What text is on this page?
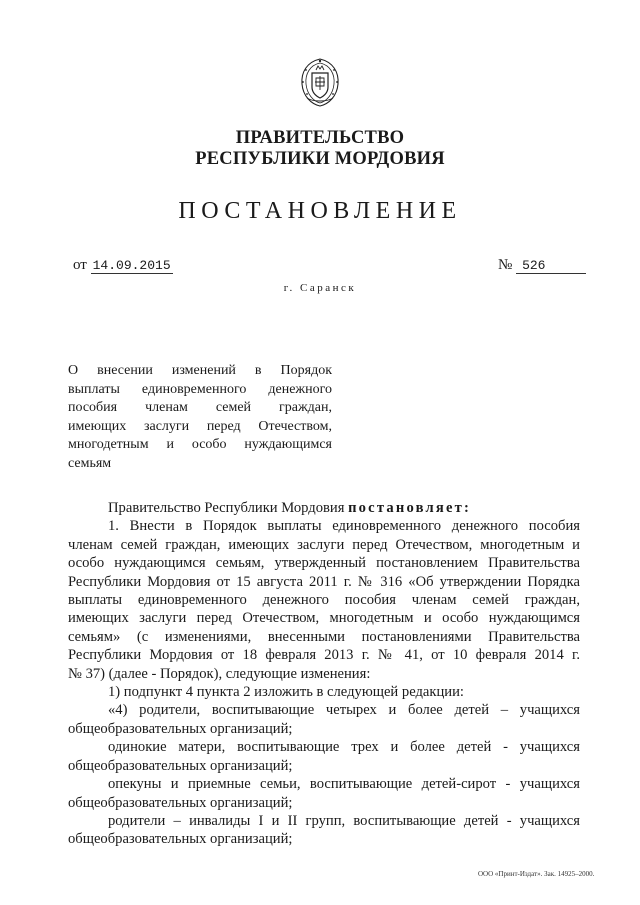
ПРАВИТЕЛЬСТВО
РЕСПУБЛИКИ МОРДОВИЯ
ПОСТАНОВЛЕНИЕ
от 14.09.2015	№ 526
г. Саранск
О внесении изменений в Порядок
выплаты единовременного денежного
пособия членам семей граждан,
имеющих заслуги перед Отечеством,
многодетным и особо нуждающимся
семьям
Правительство Республики Мордовия постановляет:
1. Внести в Порядок выплаты единовременного денежного пособия
членам семей граждан, имеющих заслуги перед Отечеством, многодетным и
особо нуждающимся семьям, утвержденный постановлением Правительства
Республики Мордовия от 15 августа 2011 г. № 316 «Об утверждении Порядка
выплаты единовременного денежного пособия членам семей граждан,
имеющих заслуги перед Отечеством, многодетным и особо нуждающимся
семьям» (с изменениями, внесенными постановлениями Правительства
Республики Мордовия от 18 февраля 2013 г. № 41, от 10 февраля 2014 г.
№ 37) (далее - Порядок), следующие изменения:
1) подпункт 4 пункта 2 изложить в следующей редакции:
«4) родители, воспитывающие четырех и более детей – учащихся
общеобразовательных организаций;
одинокие матери, воспитывающие трех и более детей - учащихся
общеобразовательных организаций;
опекуны и приемные семьи, воспитывающие детей-сирот - учащихся
общеобразовательных организаций;
родители – инвалиды I и II групп, воспитывающие детей - учащихся
общеобразовательных организаций;
ООО «Принт-Издат». Зак. 14925–2000.
